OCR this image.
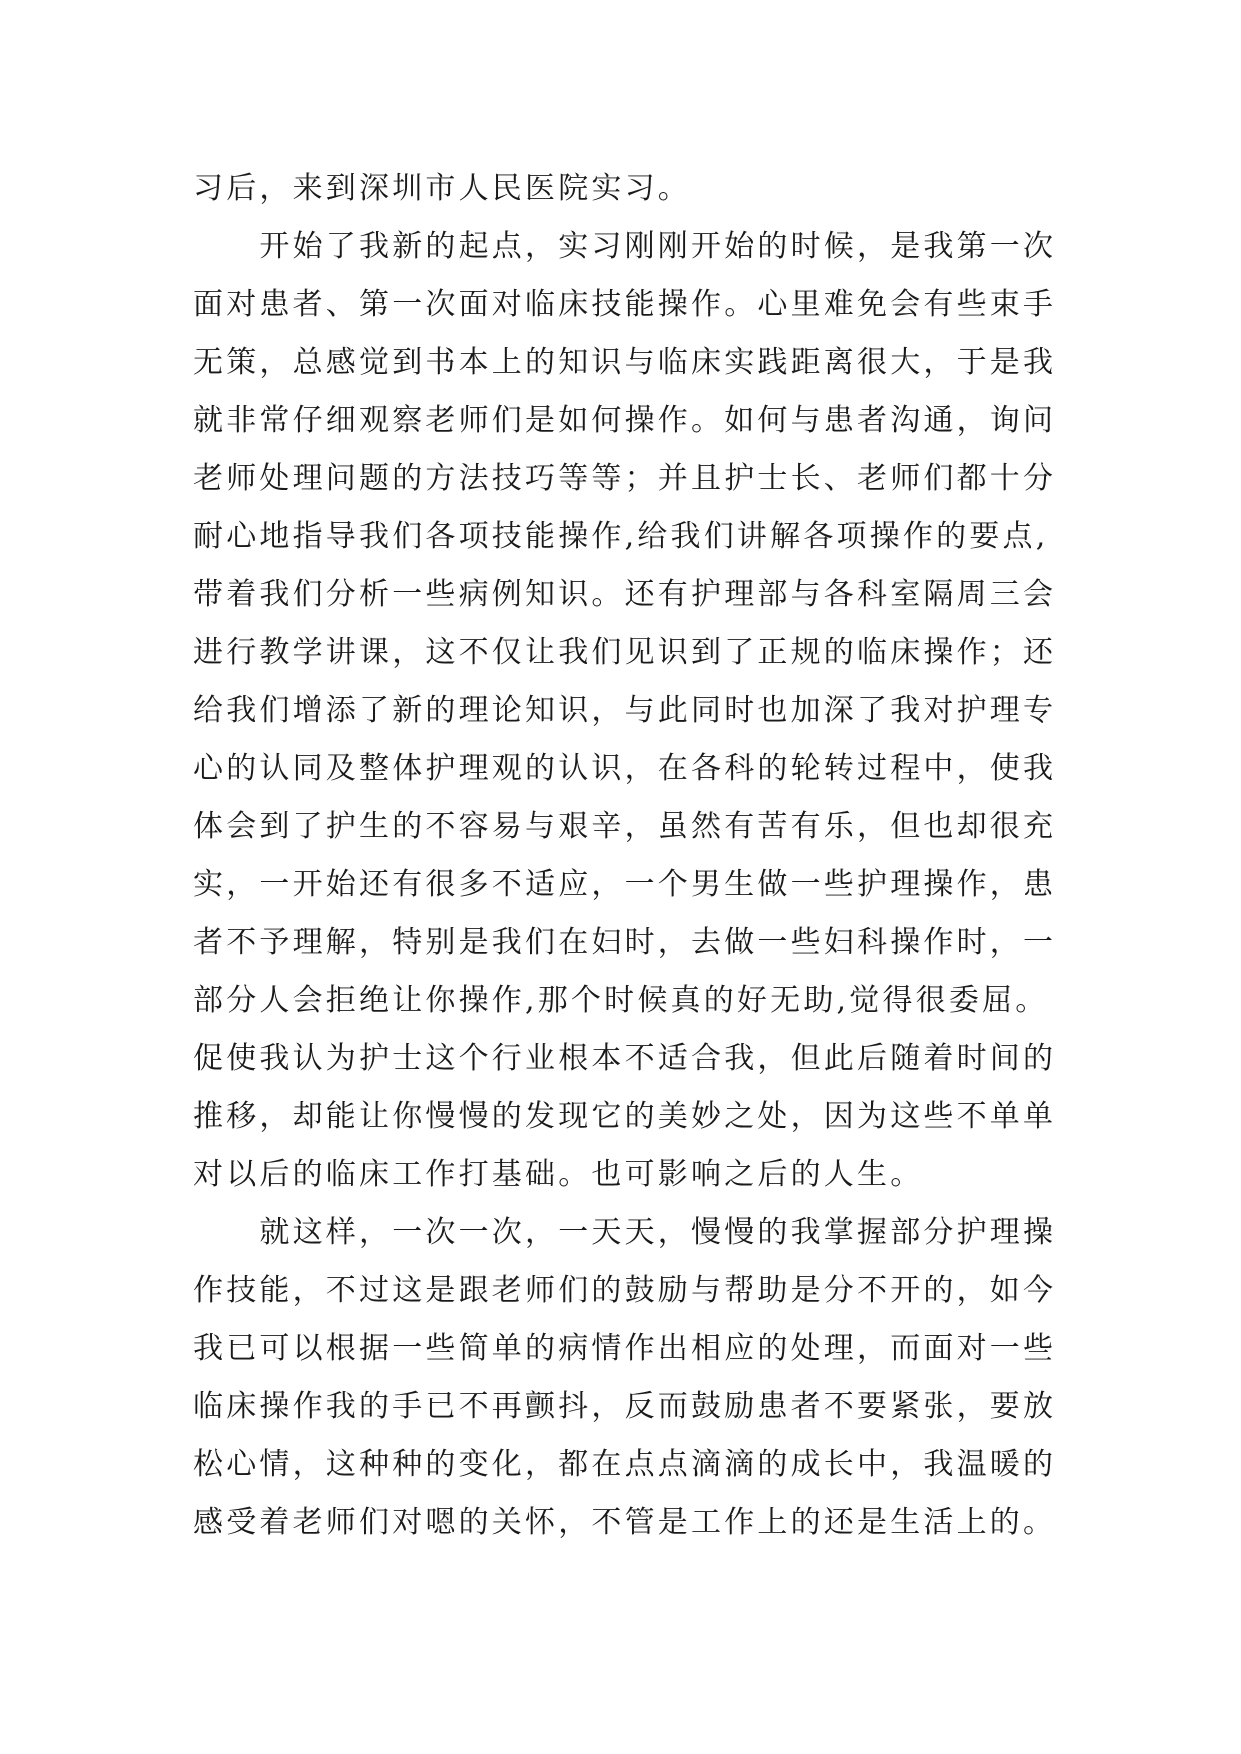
习后，来到深圳市人民医院实习。
　　开始了我新的起点，实习刚刚开始的时候，是我第一次
面对患者、第一次面对临床技能操作。心里难免会有些束手
无策，总感觉到书本上的知识与临床实践距离很大，于是我
就非常仔细观察老师们是如何操作。如何与患者沟通，询问
老师处理问题的方法技巧等等；并且护士长、老师们都十分
耐心地指导我们各项技能操作,给我们讲解各项操作的要点,
带着我们分析一些病例知识。还有护理部与各科室隔周三会
进行教学讲课，这不仅让我们见识到了正规的临床操作；还
给我们增添了新的理论知识，与此同时也加深了我对护理专
心的认同及整体护理观的认识，在各科的轮转过程中，使我
体会到了护生的不容易与艰辛，虽然有苦有乐，但也却很充
实，一开始还有很多不适应，一个男生做一些护理操作，患
者不予理解，特别是我们在妇时，去做一些妇科操作时，一
部分人会拒绝让你操作,那个时候真的好无助,觉得很委屈。
促使我认为护士这个行业根本不适合我，但此后随着时间的
推移，却能让你慢慢的发现它的美妙之处，因为这些不单单
对以后的临床工作打基础。也可影响之后的人生。
　　就这样，一次一次，一天天，慢慢的我掌握部分护理操
作技能，不过这是跟老师们的鼓励与帮助是分不开的，如今
我已可以根据一些简单的病情作出相应的处理，而面对一些
临床操作我的手已不再颤抖，反而鼓励患者不要紧张，要放
松心情，这种种的变化，都在点点滴滴的成长中，我温暖的
感受着老师们对嗯的关怀，不管是工作上的还是生活上的。
